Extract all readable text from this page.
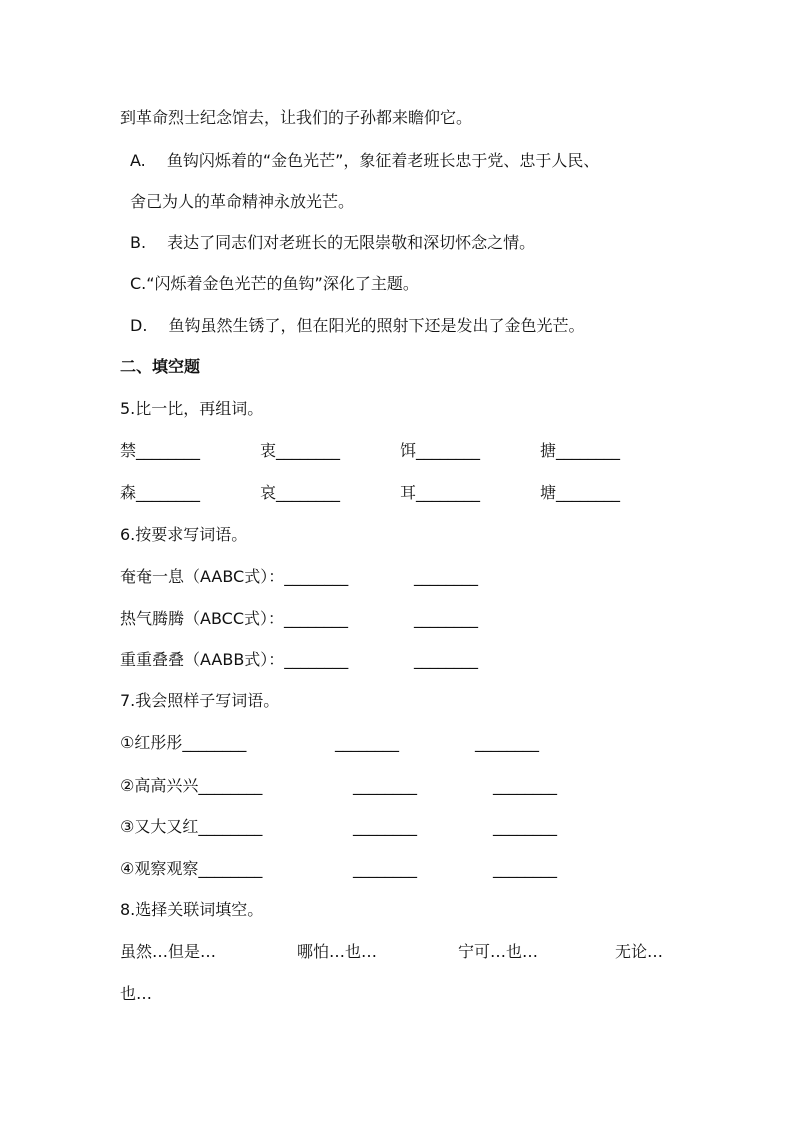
到革命烈士纪念馆去，让我们的子孙都来瞻仰它。
A. 鱼钩闪烁着的“金色光芒”，象征着老班长忠于党、忠于人民、
舍己为人的革命精神永放光芒。
B. 表达了同志们对老班长的无限崇敬和深切怀念之情。
C.“闪烁着金色光芒的鱼钩”深化了主题。
D. 鱼钩虽然生锈了，但在阳光的照射下还是发出了金色光芒。
二、填空题
5.比一比，再组词。
禁________	衷________	饵________	搪________
森________	哀________	耳________	塘________
6.按要求写词语。
奄奄一息（AABC式）：________	________
热气腾腾（ABCC式）：________	________
重重叠叠（AABB式）：________	________
7.我会照样子写词语。
①红彤彤________	________	________
②高高兴兴________	________	________
③又大又红________	________	________
④观察观察________	________	________
8.选择关联词填空。
虽然…但是…	哪怕…也…	宁可…也…	无论…
也…
